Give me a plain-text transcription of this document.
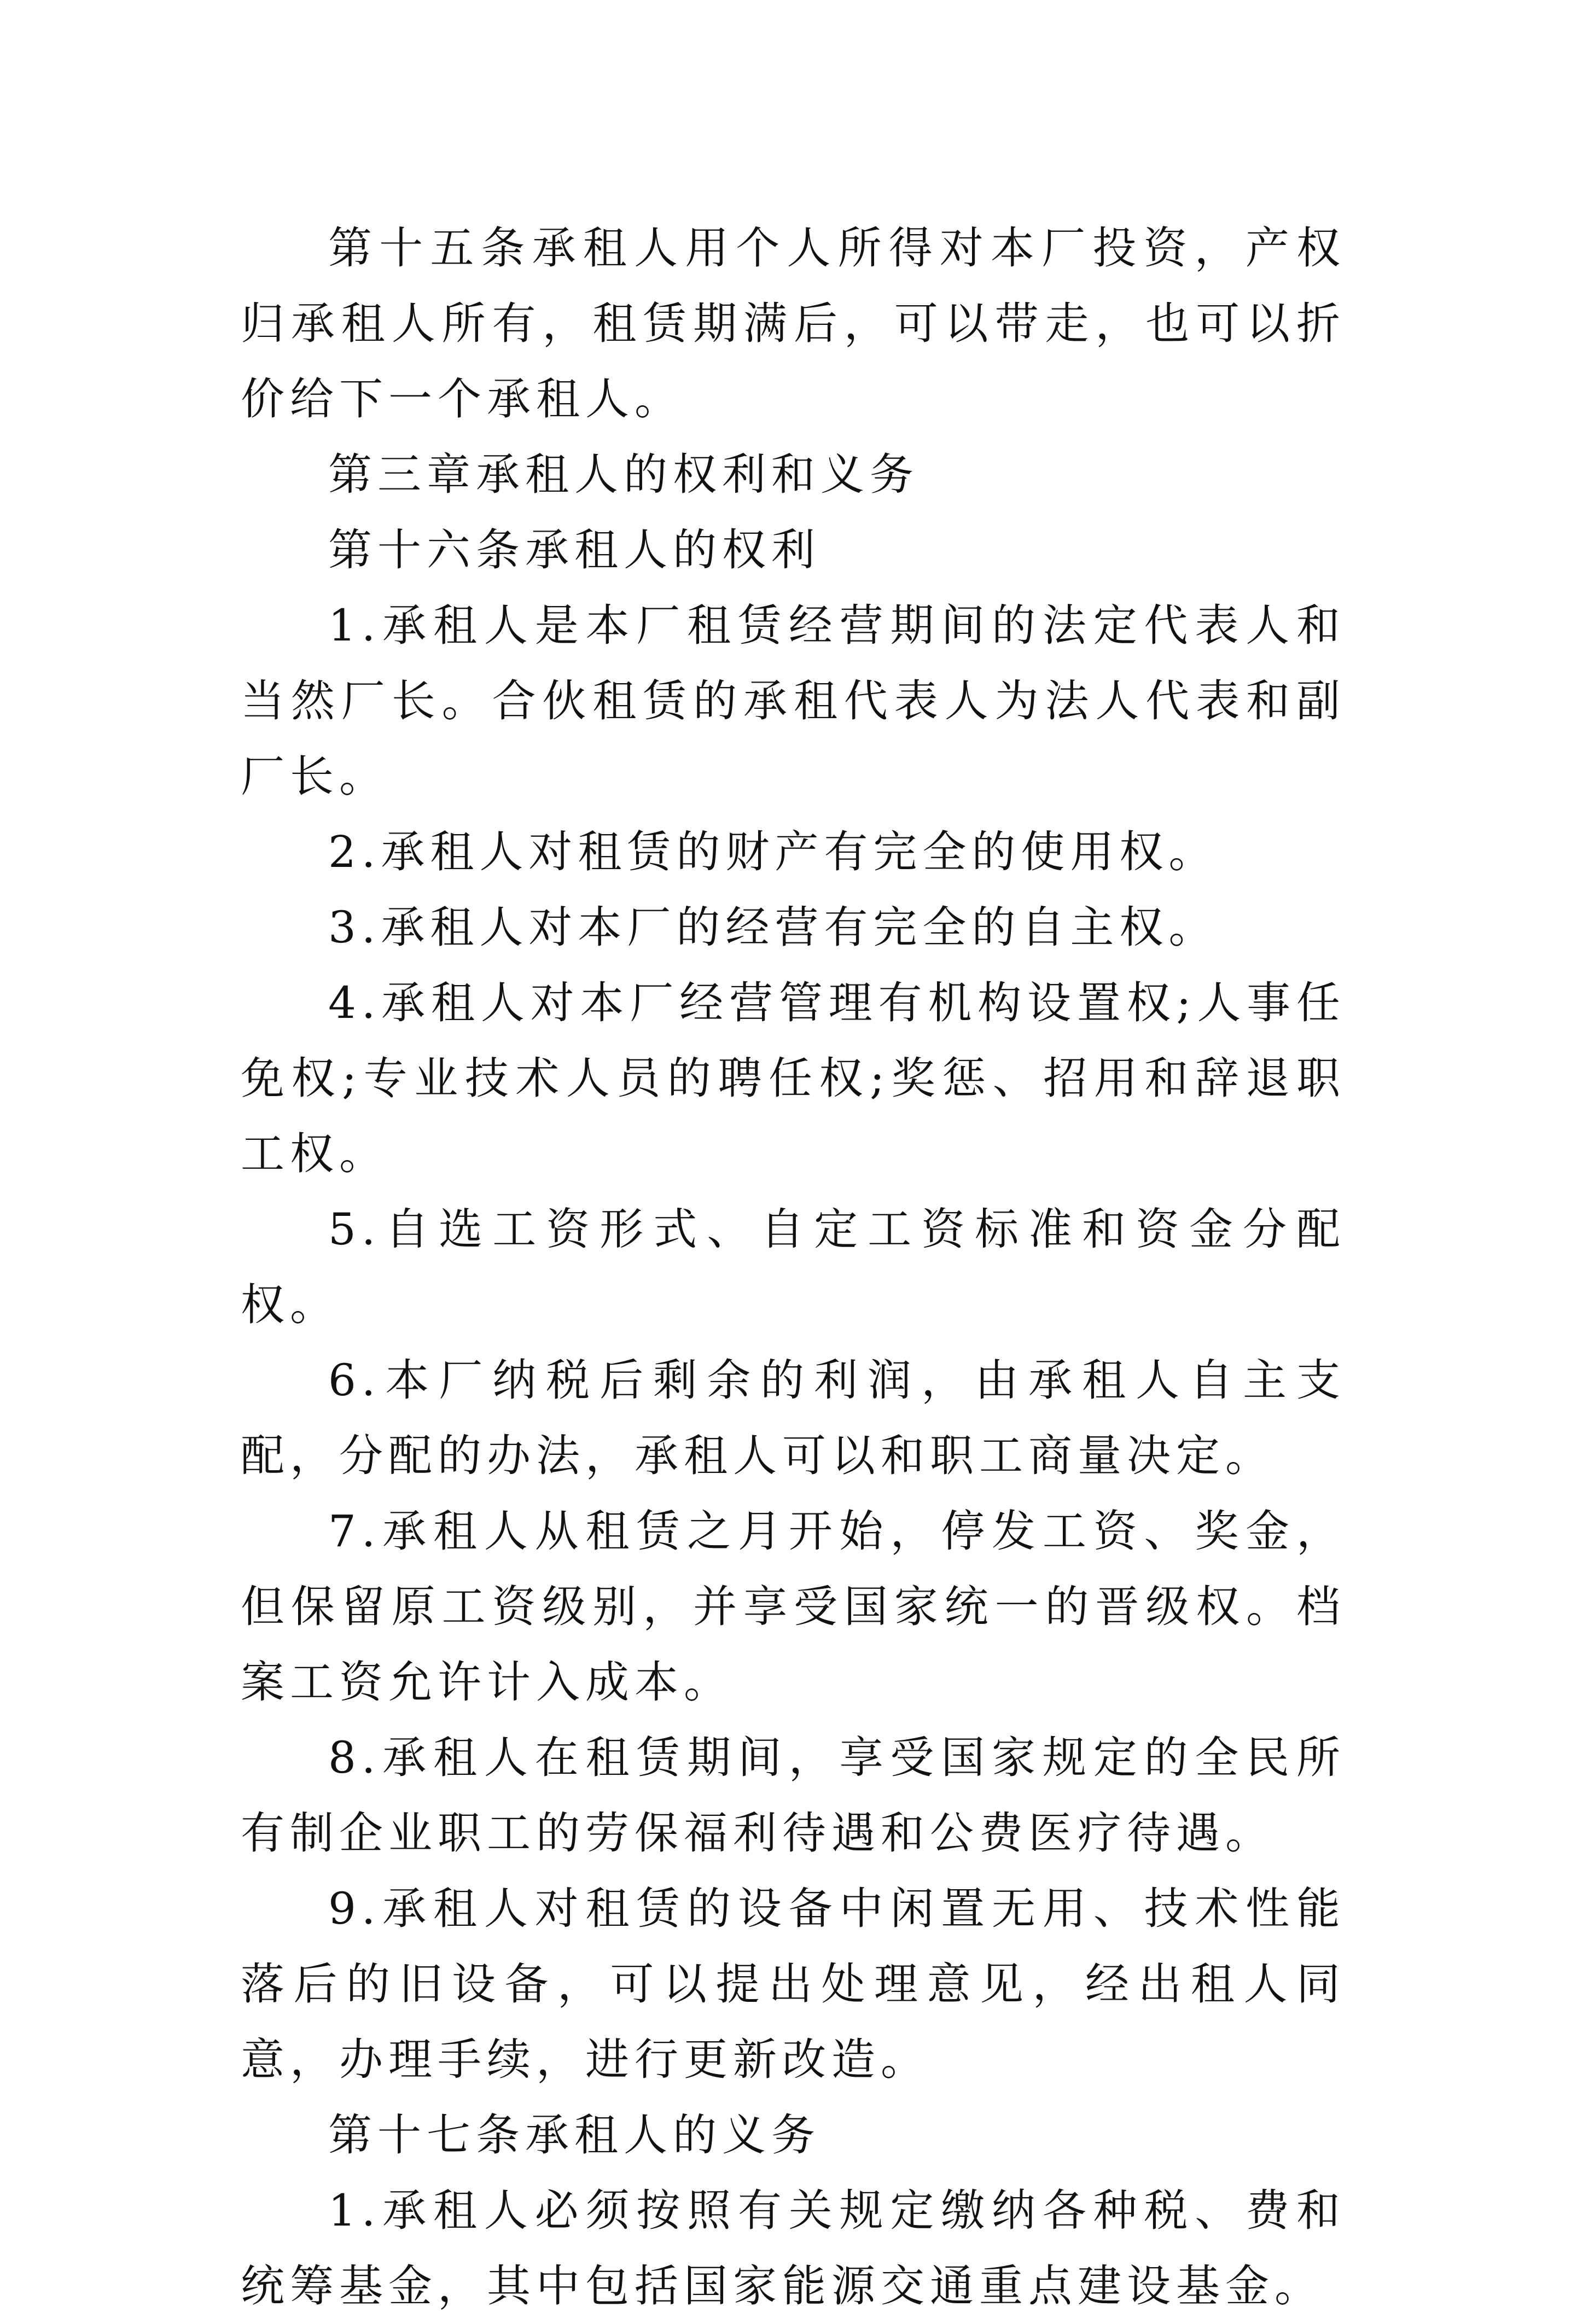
第十五条承租人用个人所得对本厂投资，产权归承租人所有，租赁期满后，可以带走，也可以折价给下一个承租人。

第三章承租人的权利和义务

第十六条承租人的权利

1.承租人是本厂租赁经营期间的法定代表人和当然厂长。合伙租赁的承租代表人为法人代表和副厂长。

2.承租人对租赁的财产有完全的使用权。

3.承租人对本厂的经营有完全的自主权。

4.承租人对本厂经营管理有机构设置权;人事任免权;专业技术人员的聘任权;奖惩、招用和辞退职工权。

5.自选工资形式、自定工资标准和资金分配权。

6.本厂纳税后剩余的利润，由承租人自主支配，分配的办法，承租人可以和职工商量决定。

7.承租人从租赁之月开始，停发工资、奖金，但保留原工资级别，并享受国家统一的晋级权。档案工资允许计入成本。

8.承租人在租赁期间，享受国家规定的全民所有制企业职工的劳保福利待遇和公费医疗待遇。

9.承租人对租赁的设备中闲置无用、技术性能落后的旧设备，可以提出处理意见，经出租人同意，办理手续，进行更新改造。

第十七条承租人的义务

1.承租人必须按照有关规定缴纳各种税、费和统筹基金，其中包括国家能源交通重点建设基金。
